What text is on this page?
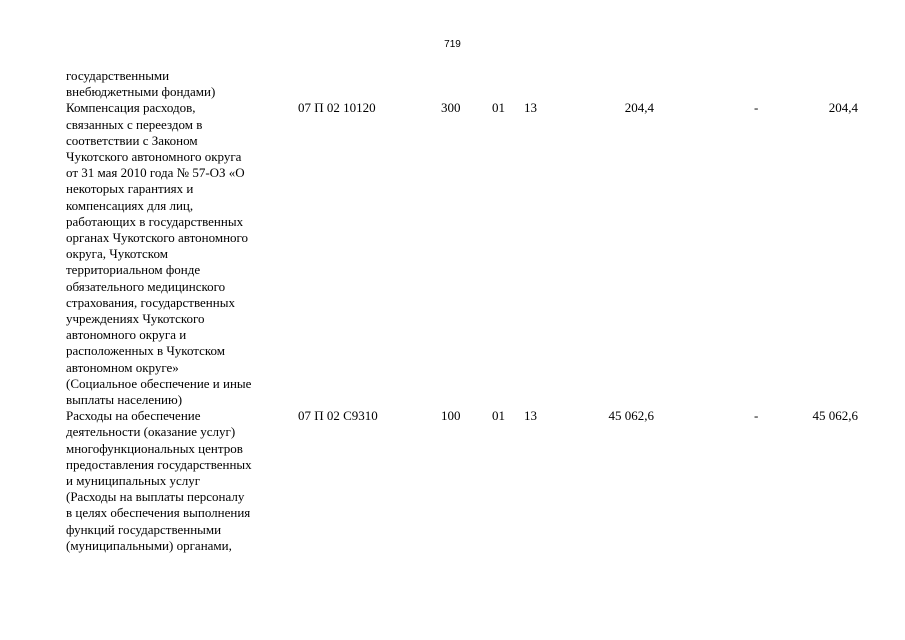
719
государственными
внебюджетными фондами)
Компенсация расходов,
связанных с переездом в
соответствии с Законом
Чукотского автономного округа
от 31 мая 2010 года № 57-ОЗ «О
некоторых гарантиях и
компенсациях для лиц,
работающих в государственных
органах Чукотского автономного
округа, Чукотском
территориальном фонде
обязательного медицинского
страхования, государственных
учреждениях Чукотского
автономного округа и
расположенных в Чукотском
автономном округе»
(Социальное обеспечение и иные
выплаты населению)
07 П 02 10120	300 01 13	204,4	-	204,4
Расходы на обеспечение
деятельности (оказание услуг)
многофункциональных центров
предоставления государственных
и муниципальных услуг
(Расходы на выплаты персоналу
в целях обеспечения выполнения
функций государственными
(муниципальными) органами,
07 П 02 С9310	100 01 13	45 062,6	-	45 062,6
